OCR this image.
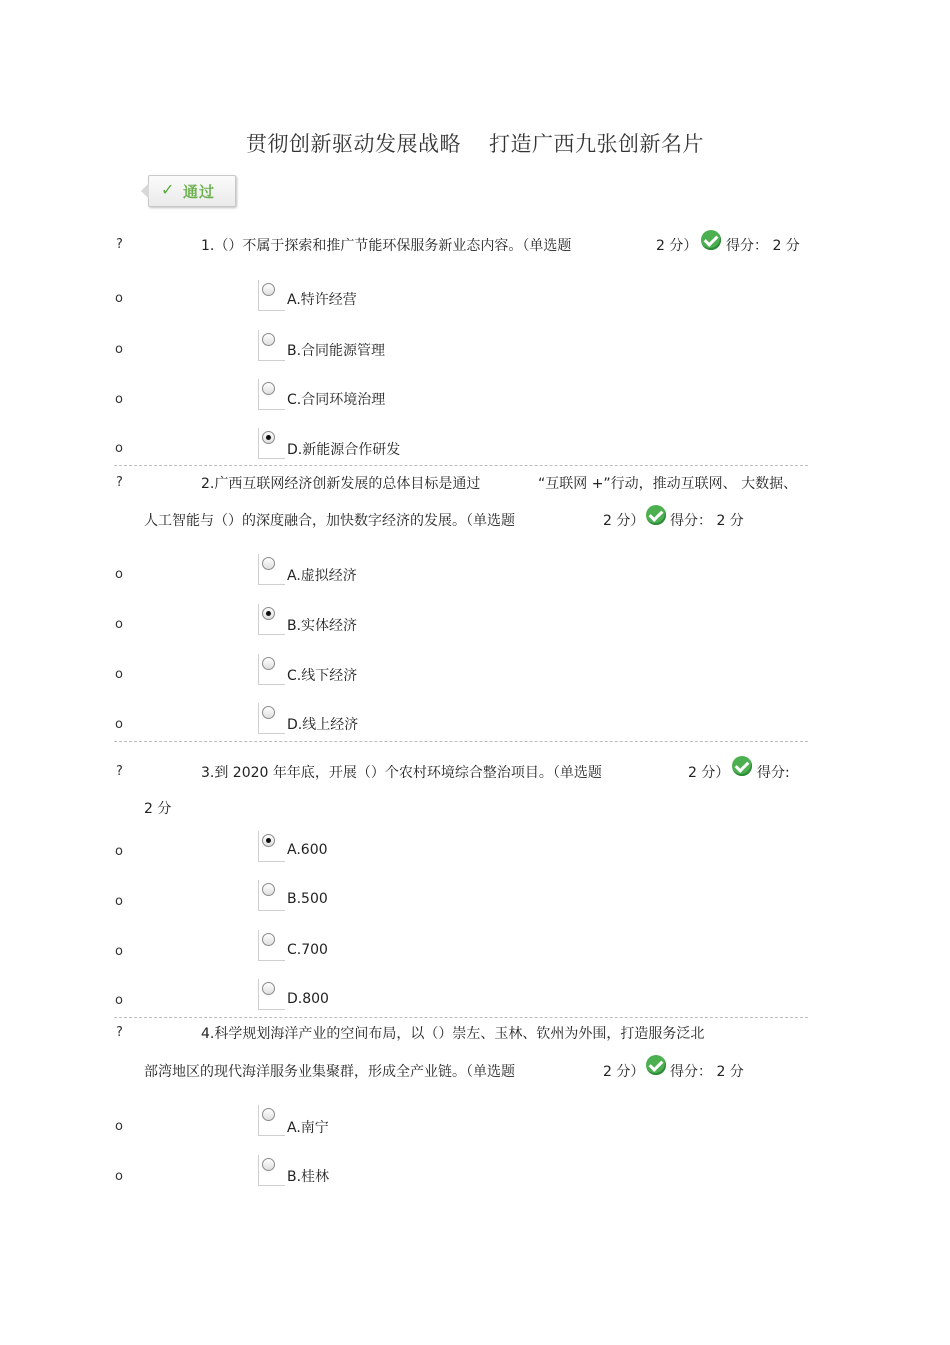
贯彻创新驱动发展战略 打造广西九张创新名片
✓ 通过
?	1.（）不属于探索和推广节能环保服务新业态内容。（单选题	2 分） 得分： 2 分
o	A.特许经营
o	B.合同能源管理
o	C.合同环境治理
o	D.新能源合作研发
?	2.广西互联网经济创新发展的总体目标是通过	“互联网 +”行动，推动互联网、 大数据、
人工智能与（）的深度融合，加快数字经济的发展。（单选题	2 分） 得分： 2 分
o	A.虚拟经济
o	B.实体经济
o	C.线下经济
o	D.线上经济
?	3.到 2020 年年底，开展（）个农村环境综合整治项目。（单选题	2 分） 得分:
2 分
o	A.600
o	B.500
o	C.700
o	D.800
?	4.科学规划海洋产业的空间布局，以（）崇左、玉林、钦州为外围，打造服务泛北
部湾地区的现代海洋服务业集聚群，形成全产业链。（单选题	2 分） 得分： 2 分
o	A.南宁
o	B.桂林
